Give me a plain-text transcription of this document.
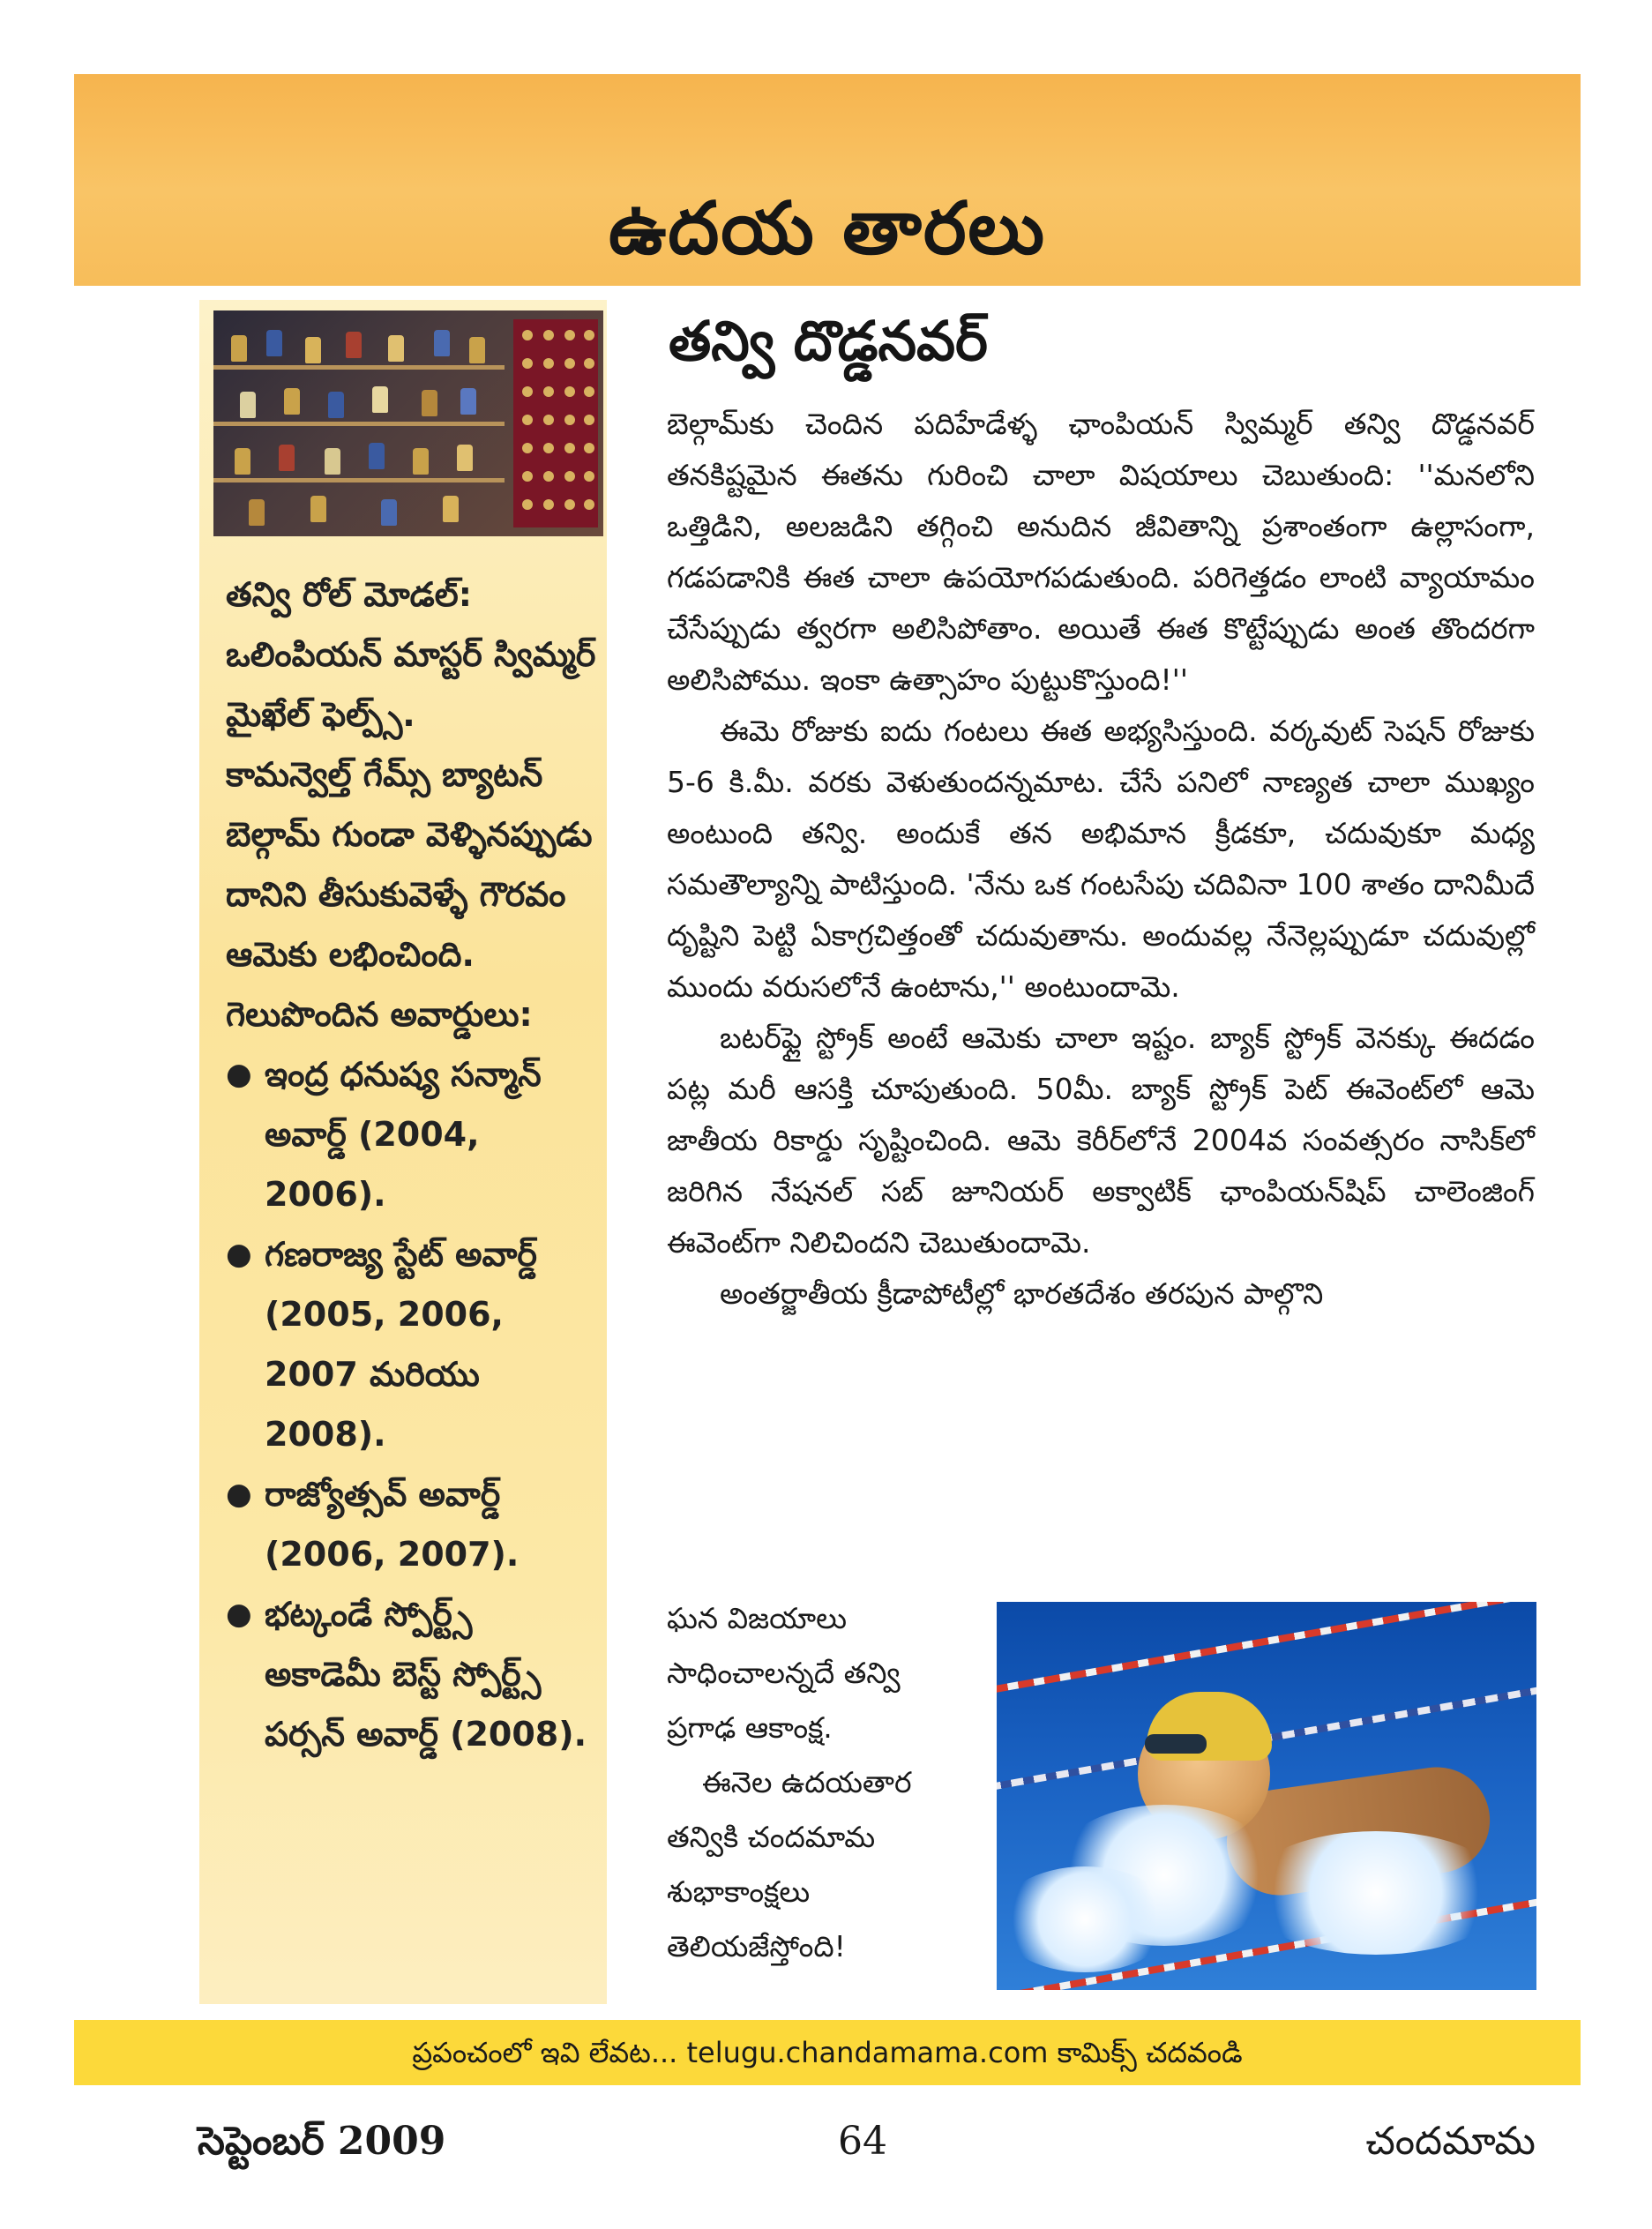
ఉదయ తారలు

తన్వి రోల్ మోడల్: ఒలింపియన్ మాస్టర్ స్విమ్మర్ మైఖేల్ ఫెల్ప్స్.

కామన్వెల్త్ గేమ్స్ బ్యాటన్ బెల్గామ్ గుండా వెళ్ళినప్పుడు దానిని తీసుకువెళ్ళే గౌరవం ఆమెకు లభించింది.

గెలుపొందిన అవార్డులు:

● ఇంద్ర ధనుష్య సన్మాన్ అవార్డ్ (2004, 2006).
● గణరాజ్య స్టేట్ అవార్డ్ (2005, 2006, 2007 మరియు 2008).
● రాజ్యోత్సవ్ అవార్డ్ (2006, 2007).
● భట్కండే స్పోర్ట్స్ అకాడెమీ బెస్ట్ స్పోర్ట్స్ పర్సన్ అవార్డ్ (2008).
తన్వి దొడ్డనవర్

బెల్గామ్‌కు చెందిన పదిహేడేళ్ళ ఛాంపియన్ స్విమ్మర్ తన్వి దొడ్డనవర్ తనకిష్టమైన ఈతను గురించి చాలా విషయాలు చెబుతుంది: ''మనలోని ఒత్తిడిని, అలజడిని తగ్గించి అనుదిన జీవితాన్ని ప్రశాంతంగా ఉల్లాసంగా, గడపడానికి ఈత చాలా ఉపయోగపడుతుంది. పరిగెత్తడం లాంటి వ్యాయామం చేసేప్పుడు త్వరగా అలిసిపోతాం. అయితే ఈత కొట్టేప్పుడు అంత తొందరగా అలిసిపోము. ఇంకా ఉత్సాహం పుట్టుకొస్తుంది!''

ఈమె రోజుకు ఐదు గంటలు ఈత అభ్యసిస్తుంది. వర్కవుట్ సెషన్ రోజుకు 5-6 కి.మీ. వరకు వెళుతుందన్నమాట. చేసే పనిలో నాణ్యత చాలా ముఖ్యం అంటుంది తన్వి. అందుకే తన అభిమాన క్రీడకూ, చదువుకూ మధ్య సమతౌల్యాన్ని పాటిస్తుంది. 'నేను ఒక గంటసేపు చదివినా 100 శాతం దానిమీదే దృష్టిని పెట్టి ఏకాగ్రచిత్తంతో చదువుతాను. అందువల్ల నేనెల్లప్పుడూ చదువుల్లో ముందు వరుసలోనే ఉంటాను,'' అంటుందామె.

బటర్‌ఫ్లై స్ట్రోక్ అంటే ఆమెకు చాలా ఇష్టం. బ్యాక్ స్ట్రోక్ వెనక్కు ఈదడం పట్ల మరీ ఆసక్తి చూపుతుంది. 50మీ. బ్యాక్ స్ట్రోక్ పెట్ ఈవెంట్‌లో ఆమె జాతీయ రికార్డు సృష్టించింది. ఆమె కెరీర్‌లోనే 2004వ సంవత్సరం నాసిక్‌లో జరిగిన నేషనల్ సబ్ జూనియర్ అక్వాటిక్ ఛాంపియన్‌షిప్ చాలెంజింగ్ ఈవెంట్‌గా నిలిచిందని చెబుతుందామె.

అంతర్జాతీయ క్రీడాపోటీల్లో భారతదేశం తరపున పాల్గొని

ఘన విజయాలు సాధించాలన్నదే తన్వి ప్రగాఢ ఆకాంక్ష.

ఈనెల ఉదయతార తన్వికి చందమామ శుభాకాంక్షలు తెలియజేస్తోంది!

ప్రపంచంలో ఇవి లేవట... telugu.chandamama.com కామిక్స్ చదవండి
సెప్టెంబర్ 2009	64	చందమామ
